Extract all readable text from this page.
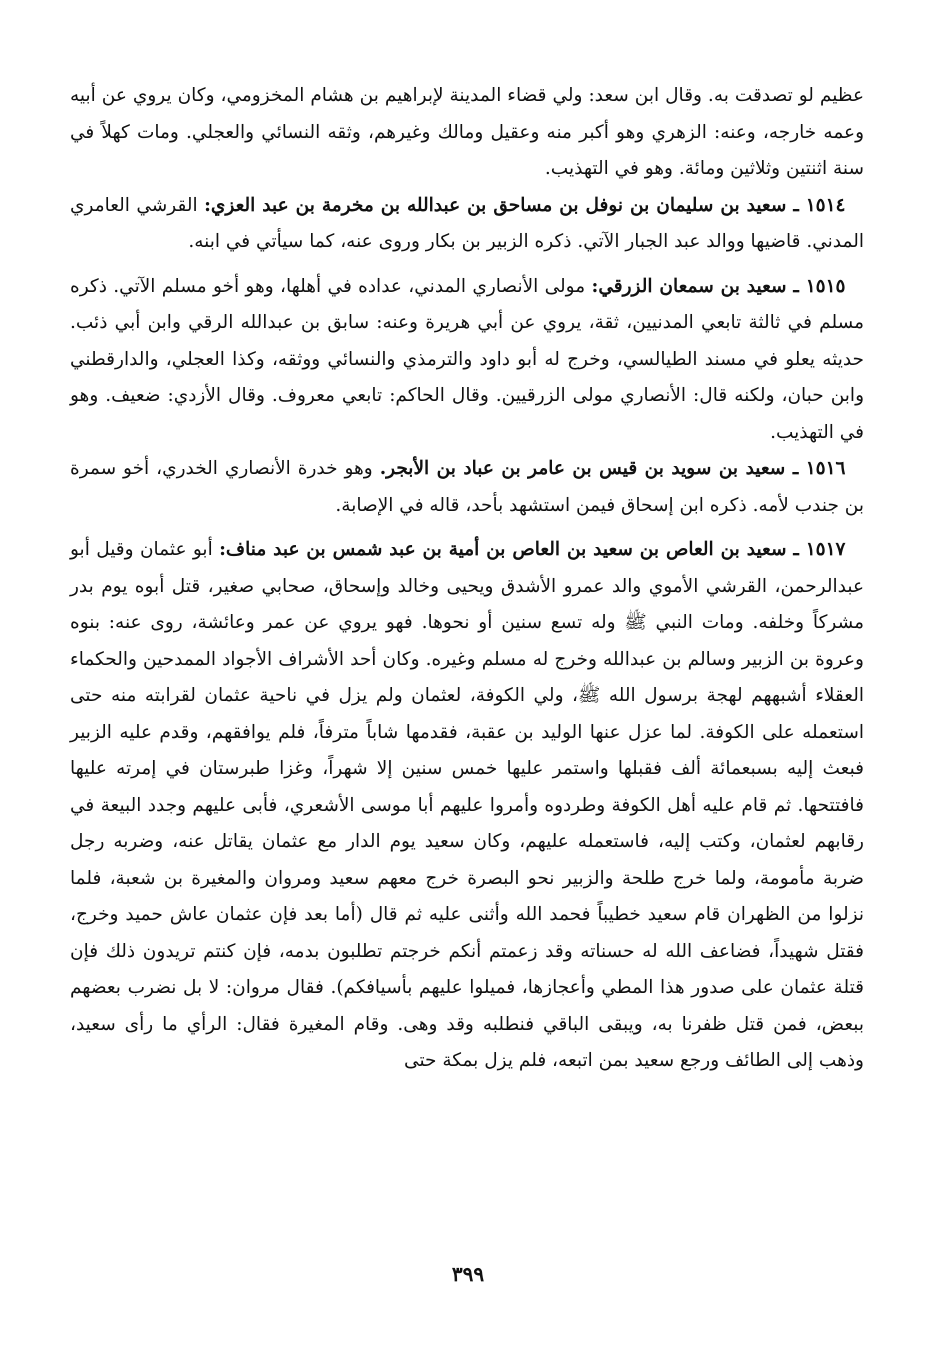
عظيم لو تصدقت به. وقال ابن سعد: ولي قضاء المدينة لإبراهيم بن هشام المخزومي، وكان يروي عن أبيه وعمه خارجه، وعنه: الزهري وهو أكبر منه وعقيل ومالك وغيرهم، وثقه النسائي والعجلي. ومات كهلاً في سنة اثنتين وثلاثين ومائة. وهو في التهذيب.

 ١٥١٤ ـ سعيد بن سليمان بن نوفل بن مساحق بن عبدالله بن مخرمة بن عبد العزي: القرشي العامري المدني. قاضيها ووالد عبد الجبار الآتي. ذكره الزبير بن بكار وروى عنه، كما سيأتي في ابنه.

 ١٥١٥ ـ سعيد بن سمعان الزرقي: مولى الأنصاري المدني، عداده في أهلها، وهو أخو مسلم الآتي. ذكره مسلم في ثالثة تابعي المدنيين، ثقة، يروي عن أبي هريرة وعنه: سابق بن عبدالله الرقي وابن أبي ذئب. حديثه يعلو في مسند الطيالسي، وخرج له أبو داود والترمذي والنسائي ووثقه، وكذا العجلي، والدارقطني وابن حبان، ولكنه قال: الأنصاري مولى الزرقيين. وقال الحاكم: تابعي معروف. وقال الأزدي: ضعيف. وهو في التهذيب.

 ١٥١٦ ـ سعيد بن سويد بن قيس بن عامر بن عباد بن الأبجر. وهو خدرة الأنصاري الخدري، أخو سمرة بن جندب لأمه. ذكره ابن إسحاق فيمن استشهد بأحد، قاله في الإصابة.

 ١٥١٧ ـ سعيد بن العاص بن سعيد بن العاص بن أمية بن عبد شمس بن عبد مناف: أبو عثمان وقيل أبو عبدالرحمن، القرشي الأموي والد عمرو الأشدق ويحيى وخالد وإسحاق، صحابي صغير، قتل أبوه يوم بدر مشركاً وخلفه. ومات النبي ﷺ وله تسع سنين أو نحوها. فهو يروي عن عمر وعائشة، روى عنه: بنوه وعروة بن الزبير وسالم بن عبدالله وخرج له مسلم وغيره. وكان أحد الأشراف الأجواد الممدحين والحكماء العقلاء أشبههم لهجة برسول الله ﷺ، ولي الكوفة، لعثمان ولم يزل في ناحية عثمان لقرابته منه حتى استعمله على الكوفة. لما عزل عنها الوليد بن عقبة، فقدمها شاباً مترفاً، فلم يوافقهم، وقدم عليه الزبير فبعث إليه بسبعمائة ألف فقبلها واستمر عليها خمس سنين إلا شهراً، وغزا طبرستان في إمرته عليها فافتتحها. ثم قام عليه أهل الكوفة وطردوه وأمروا عليهم أبا موسى الأشعري، فأبى عليهم وجدد البيعة في رقابهم لعثمان، وكتب إليه، فاستعمله عليهم، وكان سعيد يوم الدار مع عثمان يقاتل عنه، وضربه رجل ضربة مأمومة، ولما خرج طلحة والزبير نحو البصرة خرج معهم سعيد ومروان والمغيرة بن شعبة، فلما نزلوا من الظهران قام سعيد خطيباً فحمد الله وأثنى عليه ثم قال (أما بعد فإن عثمان عاش حميد وخرج، فقتل شهيداً، فضاعف الله له حسناته وقد زعمتم أنكم خرجتم تطلبون بدمه، فإن كنتم تريدون ذلك فإن قتلة عثمان على صدور هذا المطي وأعجازها، فميلوا عليهم بأسيافكم). فقال مروان: لا بل نضرب بعضهم ببعض، فمن قتل ظفرنا به، ويبقى الباقي فنطلبه وقد وهى. وقام المغيرة فقال: الرأي ما رأى سعيد، وذهب إلى الطائف ورجع سعيد بمن اتبعه، فلم يزل بمكة حتى

٣٩٩
